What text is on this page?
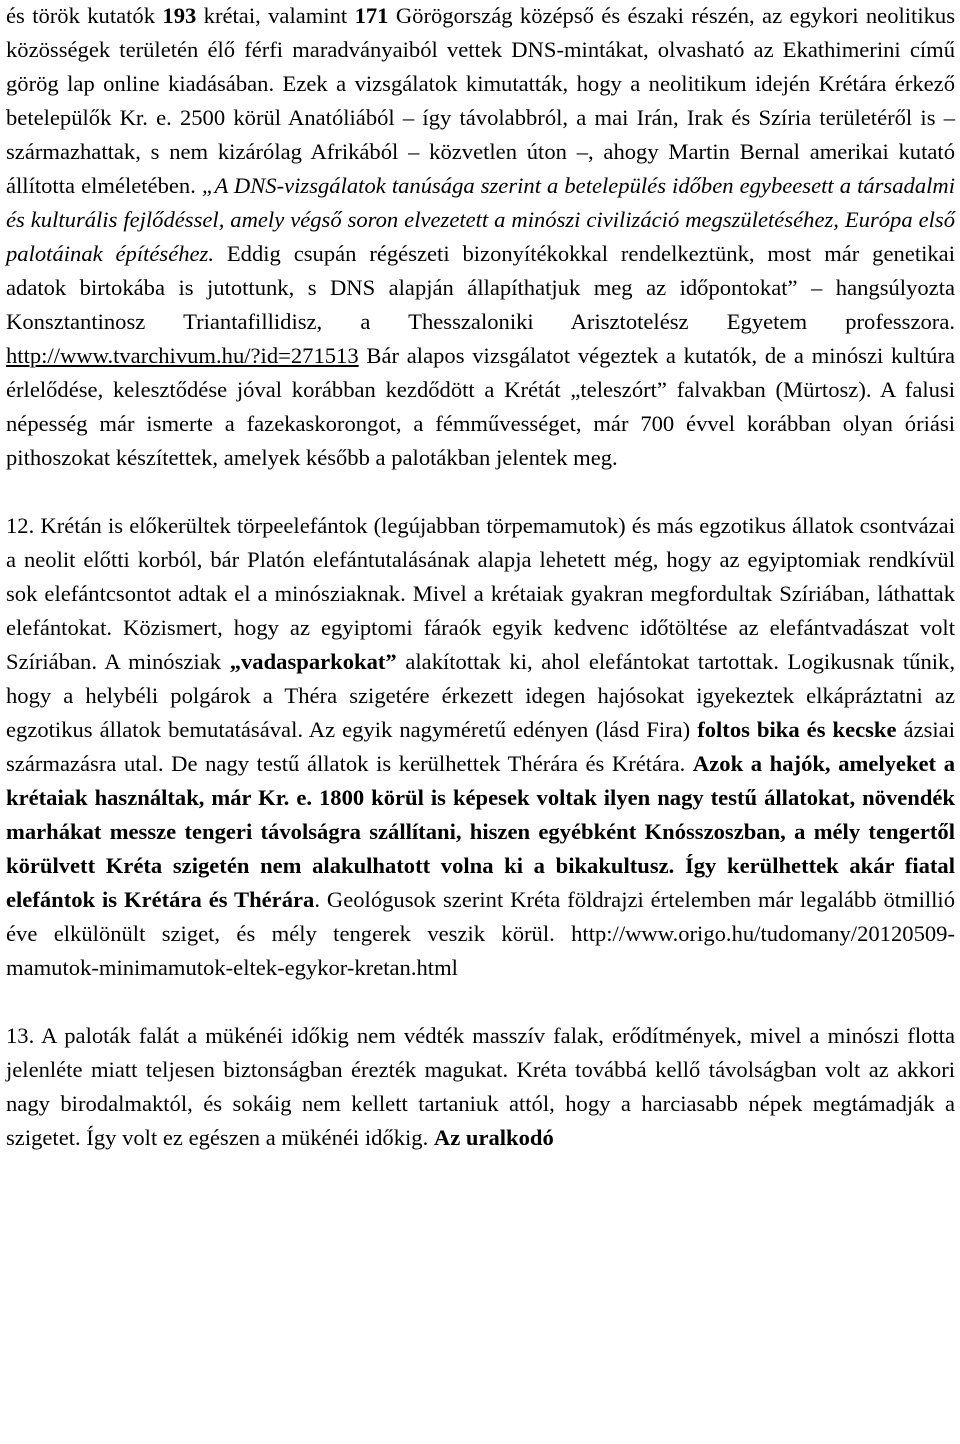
és török kutatók 193 krétai, valamint 171 Görögország középső és északi részén, az egykori neolitikus közösségek területén élő férfi maradványaiból vettek DNS-mintákat, olvasható az Ekathimerini című görög lap online kiadásában. Ezek a vizsgálatok kimutatták, hogy a neolitikum idején Krétára érkező betelepülők Kr. e. 2500 körül Anatóliából – így távolabbról, a mai Irán, Irak és Szíria területéről is – származhattak, s nem kizárólag Afrikából – közvetlen úton –, ahogy Martin Bernal amerikai kutató állította elméletében. „A DNS-vizsgálatok tanúsága szerint a betelepülés időben egybeesett a társadalmi és kulturális fejlődéssel, amely végső soron elvezetett a minószi civilizáció megszületéséhez, Európa első palotáinak építéséhez. Eddig csupán régészeti bizonyítékokkal rendelkeztünk, most már genetikai adatok birtokába is jutottunk, s DNS alapján állapíthatjuk meg az időpontokat” – hangsúlyozta Konsztantinosz Triantafillidisz, a Thesszaloniki Arisztotelész Egyetem professzora. http://www.tvarchivum.hu/?id=271513 Bár alapos vizsgálatot végeztek a kutatók, de a minószi kultúra érlelődése, kelesztődése jóval korábban kezdődött a Krétát „teleszórt” falvakban (Mürtosz). A falusi népesség már ismerte a fazekaskorongot, a fémművességet, már 700 évvel korábban olyan óriási pithoszokat készítettek, amelyek később a palotákban jelentek meg.

12. Krétán is előkerültek törpeelefántok (legújabban törpemamutok) és más egzotikus állatok csontvázai a neolit előtti korból, bár Platón elefántutalásának alapja lehetett még, hogy az egyiptomiak rendkívül sok elefántcsontot adtak el a minósziaknak. Mivel a krétaiak gyakran megfordultak Szíriában, láthattak elefántokat. Közismert, hogy az egyiptomi fáraók egyik kedvenc időtöltése az elefántvadászat volt Szíriában. A minósziak „vadasparkokat” alakítottak ki, ahol elefántokat tartottak. Logikusnak tűnik, hogy a helybéli polgárok a Théra szigetére érkezett idegen hajósokat igyekeztek elkápráztatni az egzotikus állatok bemutatásával. Az egyik nagyméretű edényen (lásd Fira) foltos bika és kecske ázsiai származásra utal. De nagy testű állatok is kerülhettek Thérára és Krétára. Azok a hajók, amelyeket a krétaiak használtak, már Kr. e. 1800 körül is képesek voltak ilyen nagy testű állatokat, növendék marhákat messze tengeri távolságra szállítani, hiszen egyébként Knósszoszban, a mély tengertől körülvett Kréta szigetén nem alakulhatott volna ki a bikakultusz. Így kerülhettek akár fiatal elefántok is Krétára és Thérára. Geológusok szerint Kréta földrajzi értelemben már legalább ötmillió éve elkülönült sziget, és mély tengerek veszik körül. http://www.origo.hu/tudomany/20120509-mamutok-minimamutok-eltek-egykor-kretan.html

13. A paloták falát a mükénéi időkig nem védték masszív falak, erődítmények, mivel a minószi flotta jelenléte miatt teljesen biztonságban érezték magukat. Kréta továbbá kellő távolságban volt az akkori nagy birodalmaktól, és sokáig nem kellett tartaniuk attól, hogy a harciasabb népek megtámadják a szigetet. Így volt ez egészen a mükénéi időkig. Az uralkodó
